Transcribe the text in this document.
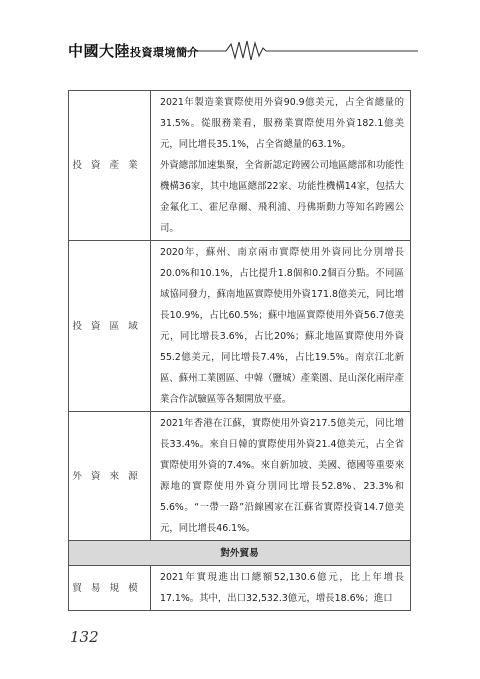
中國大陸投資環境簡介
投資產業	2021年製造業實際使用外資90.9億美元，占全省總量的31.5%。從服務業看，服務業實際使用外資182.1億美元，同比增長35.1%，占全省總量的63.1%。
外資總部加速集聚，全省新認定跨國公司地區總部和功能性機構36家，其中地區總部22家、功能性機構14家，包括大金氟化工、霍尼韋爾、飛利浦、丹佛斯動力等知名跨國公司。

投資區域	2020年，蘇州、南京兩市實際使用外資同比分別增長20.0%和10.1%，占比提升1.8個和0.2個百分點。不同區域協同發力，蘇南地區實際使用外資171.8億美元，同比增長10.9%，占比60.5%；蘇中地區實際使用外資56.7億美元，同比增長3.6%，占比20%；蘇北地區實際使用外資55.2億美元，同比增長7.4%，占比19.5%。南京江北新區、蘇州工業園區、中韓（鹽城）產業園、昆山深化兩岸產業合作試驗區等各類開放平臺。

外資來源	2021年香港在江蘇，實際使用外資217.5億美元，同比增長33.4%。來自日韓的實際使用外資21.4億美元，占全省實際使用外資的7.4%。來自新加坡、美國、德國等重要來源地的實際使用外資分別同比增長52.8%、23.3%和5.6%。“一帶一路”沿線國家在江蘇省實際投資14.7億美元，同比增長46.1%。

對外貿易	
貿易規模	2021年實現進出口總額52,130.6億元，比上年增長17.1%。其中，出口32,532.3億元，增長18.6%；進口
132
